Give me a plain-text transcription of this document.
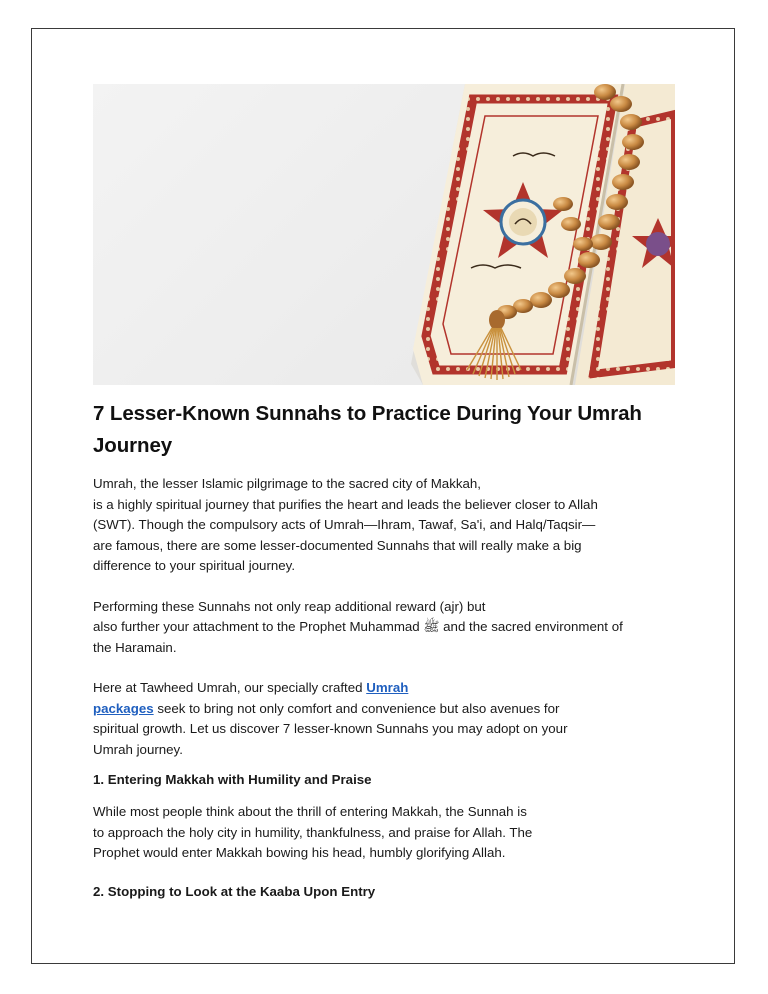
7 Lesser-Known Sunnahs to Practice During Your Umrah Journey

Umrah, the lesser Islamic pilgrimage to the sacred city of Makkah,
is a highly spiritual journey that purifies the heart and leads the believer closer to Allah
(SWT). Though the compulsory acts of Umrah—Ihram, Tawaf, Sa'i, and Halq/Taqsir—
are famous, there are some lesser-documented Sunnahs that will really make a big
difference to your spiritual journey.

Performing these Sunnahs not only reap additional reward (ajr) but
also further your attachment to the Prophet Muhammad ﷺ and the sacred environment of
the Haramain.

Here at Tawheed Umrah, our specially crafted Umrah
packages seek to bring not only comfort and convenience but also avenues for
spiritual growth. Let us discover 7 lesser-known Sunnahs you may adopt on your
Umrah journey.

1. Entering Makkah with Humility and Praise

While most people think about the thrill of entering Makkah, the Sunnah is
to approach the holy city in humility, thankfulness, and praise for Allah. The
Prophet would enter Makkah bowing his head, humbly glorifying Allah.

2. Stopping to Look at the Kaaba Upon Entry
